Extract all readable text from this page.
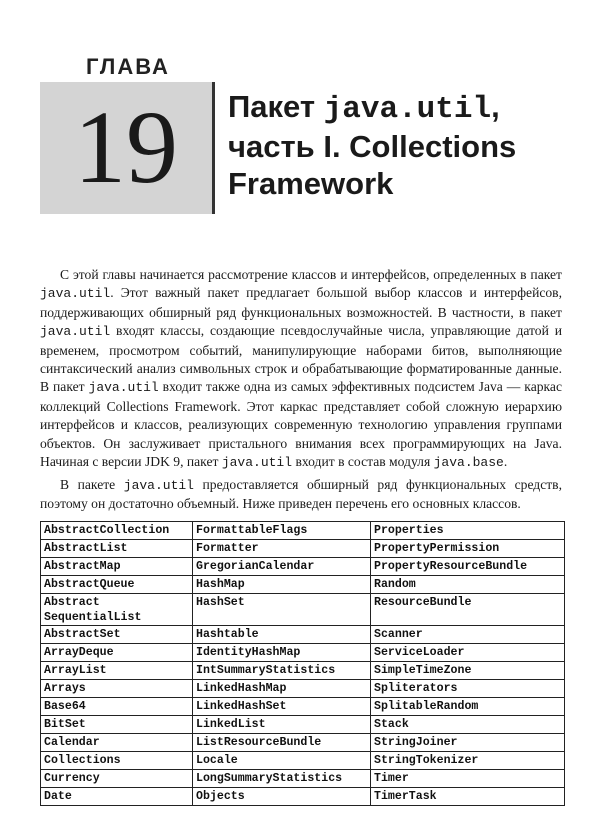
ГЛАВА
19	Пакет java.util,
часть I. Collections
Framework

С этой главы начинается рассмотрение классов и интерфейсов, определенных в пакет java.util. Этот важный пакет предлагает большой выбор классов и интерфейсов, поддерживающих обширный ряд функциональных возможностей. В частности, в пакет java.util входят классы, создающие псевдослучайные числа, управляющие датой и временем, просмотром событий, манипулирующие наборами битов, выполняющие синтаксический анализ символьных строк и обрабатывающие форматированные данные. В пакет java.util входит также одна из самых эффективных подсистем Java — каркас коллекций Collections Framework. Этот каркас представляет собой сложную иерархию интерфейсов и классов, реализующих современную технологию управления группами объектов. Он заслуживает пристального внимания всех программирующих на Java. Начиная с версии JDK 9, пакет java.util входит в состав модуля java.base.

В пакете java.util предоставляется обширный ряд функциональных средств, поэтому он достаточно объемный. Ниже приведен перечень его основных классов.

AbstractCollection	FormattableFlags	Properties
AbstractList	Formatter	PropertyPermission
AbstractMap	GregorianCalendar	PropertyResourceBundle
AbstractQueue	HashMap	Random
Abstract SequentialList	HashSet	ResourceBundle
AbstractSet	Hashtable	Scanner
ArrayDeque	IdentityHashMap	ServiceLoader
ArrayList	IntSummaryStatistics	SimpleTimeZone
Arrays	LinkedHashMap	Spliterators
Base64	LinkedHashSet	SplitableRandom
BitSet	LinkedList	Stack
Calendar	ListResourceBundle	StringJoiner
Collections	Locale	StringTokenizer
Currency	LongSummaryStatistics	Timer
Date	Objects	TimerTask
